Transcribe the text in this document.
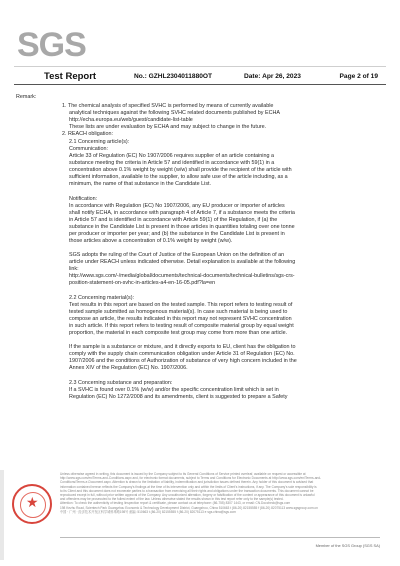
SGS
Test Report	No.: GZHL2304011880OT	Date: Apr 26, 2023	Page 2 of 19
Remark:
1. The chemical analysis of specified SVHC is performed by means of currently available
analytical techniques against the following SVHC related documents published by ECHA
http://echa.europa.eu/web/guest/candidate-list-table
These lists are under evaluation by ECHA and may subject to change in the future.
2. REACH obligation:
2.1 Concerning article(s):
Communication:
Article 33 of Regulation (EC) No 1907/2006 requires supplier of an article containing a
substance meeting the criteria in Article 57 and identified in accordance with 59(1) in a
concentration above 0.1% weight by weight (w/w) shall provide the recipient of the article with
sufficient information, available to the supplier, to allow safe use of the article including, as a
minimum, the name of that substance in the Candidate List.
Notification:
In accordance with Regulation (EC) No 1907/2006, any EU producer or importer of articles
shall notify ECHA, in accordance with paragraph 4 of Article 7, if a substance meets the criteria
in Article 57 and is identified in accordance with Article 59(1) of the Regulation, if (a) the
substance in the Candidate List is present in those articles in quantities totaling over one tonne
per producer or importer per year; and (b) the substance in the Candidate List is present in
those articles above a concentration of 0.1% weight by weight (w/w).
SGS adopts the ruling of the Court of Justice of the European Union on the definition of an
article under REACH unless indicated otherwise. Detail explanation is available at the following
link:
http://www.sgs.com/-/media/global/documents/technical-documents/technical-bulletins/sgs-crs-
position-statement-on-svhc-in-articles-a4-en-16-05.pdf?la=en
2.2 Concerning material(s):
Test results in this report are based on the tested sample. This report refers to testing result of
tested sample submitted as homogenous material(s). In case such material is being used to
compose an article, the results indicated in this report may not represent SVHC concentration
in such article. If this report refers to testing result of composite material group by equal weight
proportion, the material in each composite test group may come from more than one article.
If the sample is a substance or mixture, and it directly exports to EU, client has the obligation to
comply with the supply chain communication obligation under Article 31 of Regulation (EC) No.
1907/2006 and the conditions of Authorization of substance of very high concern included in the
Annex XIV of the Regulation (EC) No. 1907/2006.
2.3 Concerning substance and preparation:
If a SVHC is found over 0.1% (w/w) and/or the specific concentration limit which is set in
Regulation (EC) No 1272/2008 and its amendments, client is suggested to prepare a Safety
★
Unless otherwise agreed in writing, this document is issued by the Company subject to its General Conditions of Service printed overleaf, available on request or accessible at
http://www.sgs.com/en/Terms-and-Conditions.aspx and, for electronic format documents, subject to Terms and Conditions for Electronic Documents at http://www.sgs.com/en/Terms-and-
Conditions/Terms-e-Document.aspx. Attention is drawn to the limitation of liability, indemnification and jurisdiction issues defined therein. Any holder of this document is advised that
information contained hereon reflects the Company's findings at the time of its intervention only and within the limits of Client's instructions, if any. The Company's sole responsibility is
to its Client and this document does not exonerate parties to a transaction from exercising all their rights and obligations under the transaction documents. This document cannot be
reproduced except in full, without prior written approval of the Company. Any unauthorized alteration, forgery or falsification of the content or appearance of this document is unlawful
and offenders may be prosecuted to the fullest extent of the law. Unless otherwise stated the results shown in this test report refer only to the sample(s) tested.
Attention: To check the authenticity of testing /inspection report & certificate, please contact us at telephone: (86-755) 8307 1443, or email: CN.Doccheck@sgs.com
198 Kezhu Road, Scientech Park Guangzhou Economic & Technology Development District, Guangzhou, China 510663 t (86-20) 82155555 f (86-20) 82075113 www.sgsgroup.com.cn
中国 · 广州 · 经济技术开发区科学城科珠路198号 邮编: 510663 t (86-20) 82155555 f (86-20) 82075113 e sgs.china@sgs.com
Member of the SGS Group (SGS SA)
